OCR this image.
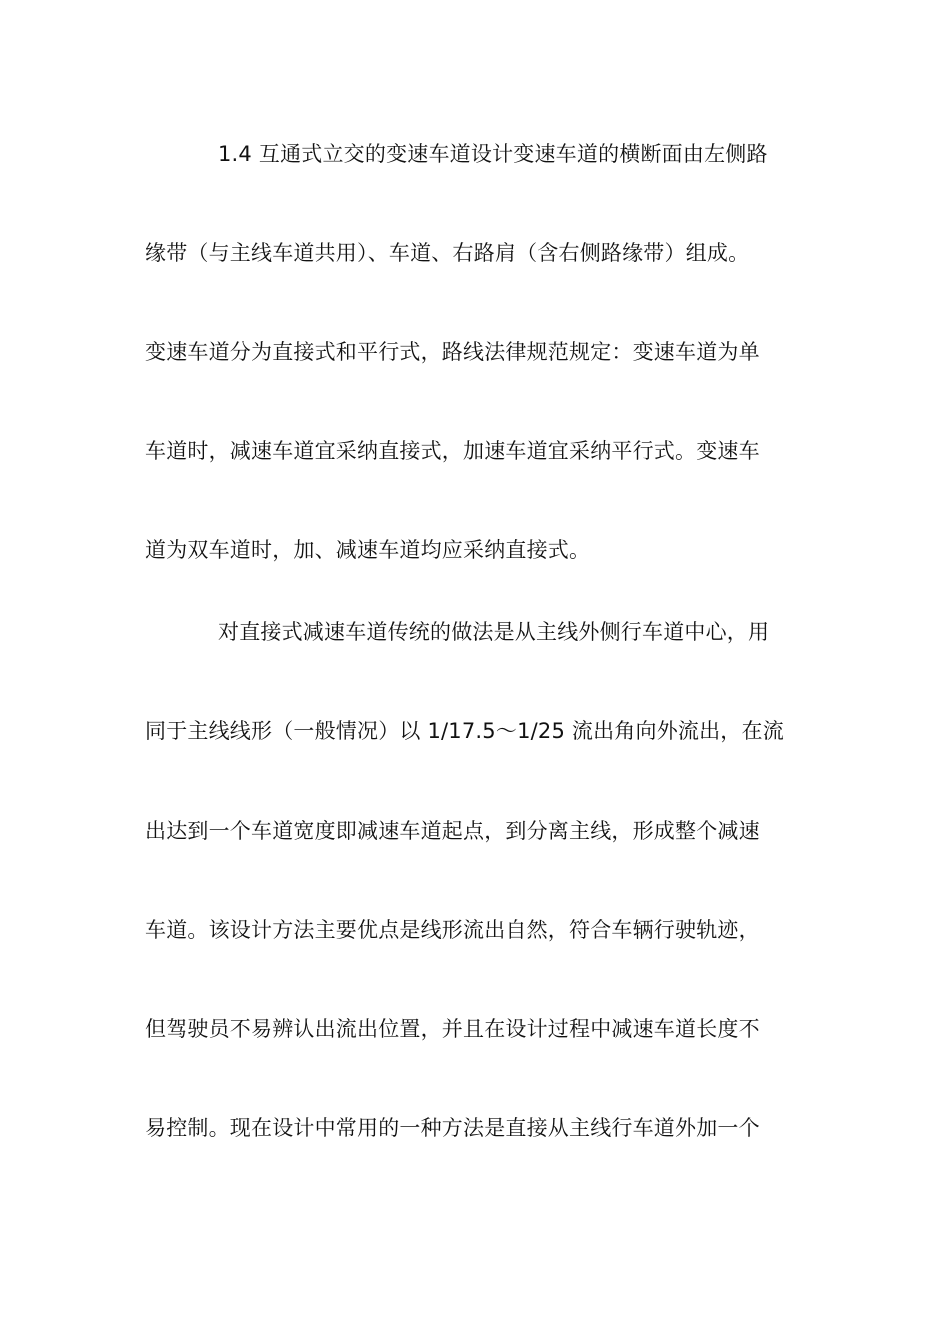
1.4 互通式立交的变速车道设计变速车道的横断面由左侧路
缘带（与主线车道共用）、车道、右路肩（含右侧路缘带）组成。
变速车道分为直接式和平行式，路线法律规范规定：变速车道为单
车道时，减速车道宜采纳直接式，加速车道宜采纳平行式。变速车
道为双车道时，加、减速车道均应采纳直接式。
对直接式减速车道传统的做法是从主线外侧行车道中心，用
同于主线线形（一般情况）以 1/17.5～1/25 流出角向外流出，在流
出达到一个车道宽度即减速车道起点，到分离主线，形成整个减速
车道。该设计方法主要优点是线形流出自然，符合车辆行驶轨迹，
但驾驶员不易辨认出流出位置，并且在设计过程中减速车道长度不
易控制。现在设计中常用的一种方法是直接从主线行车道外加一个
